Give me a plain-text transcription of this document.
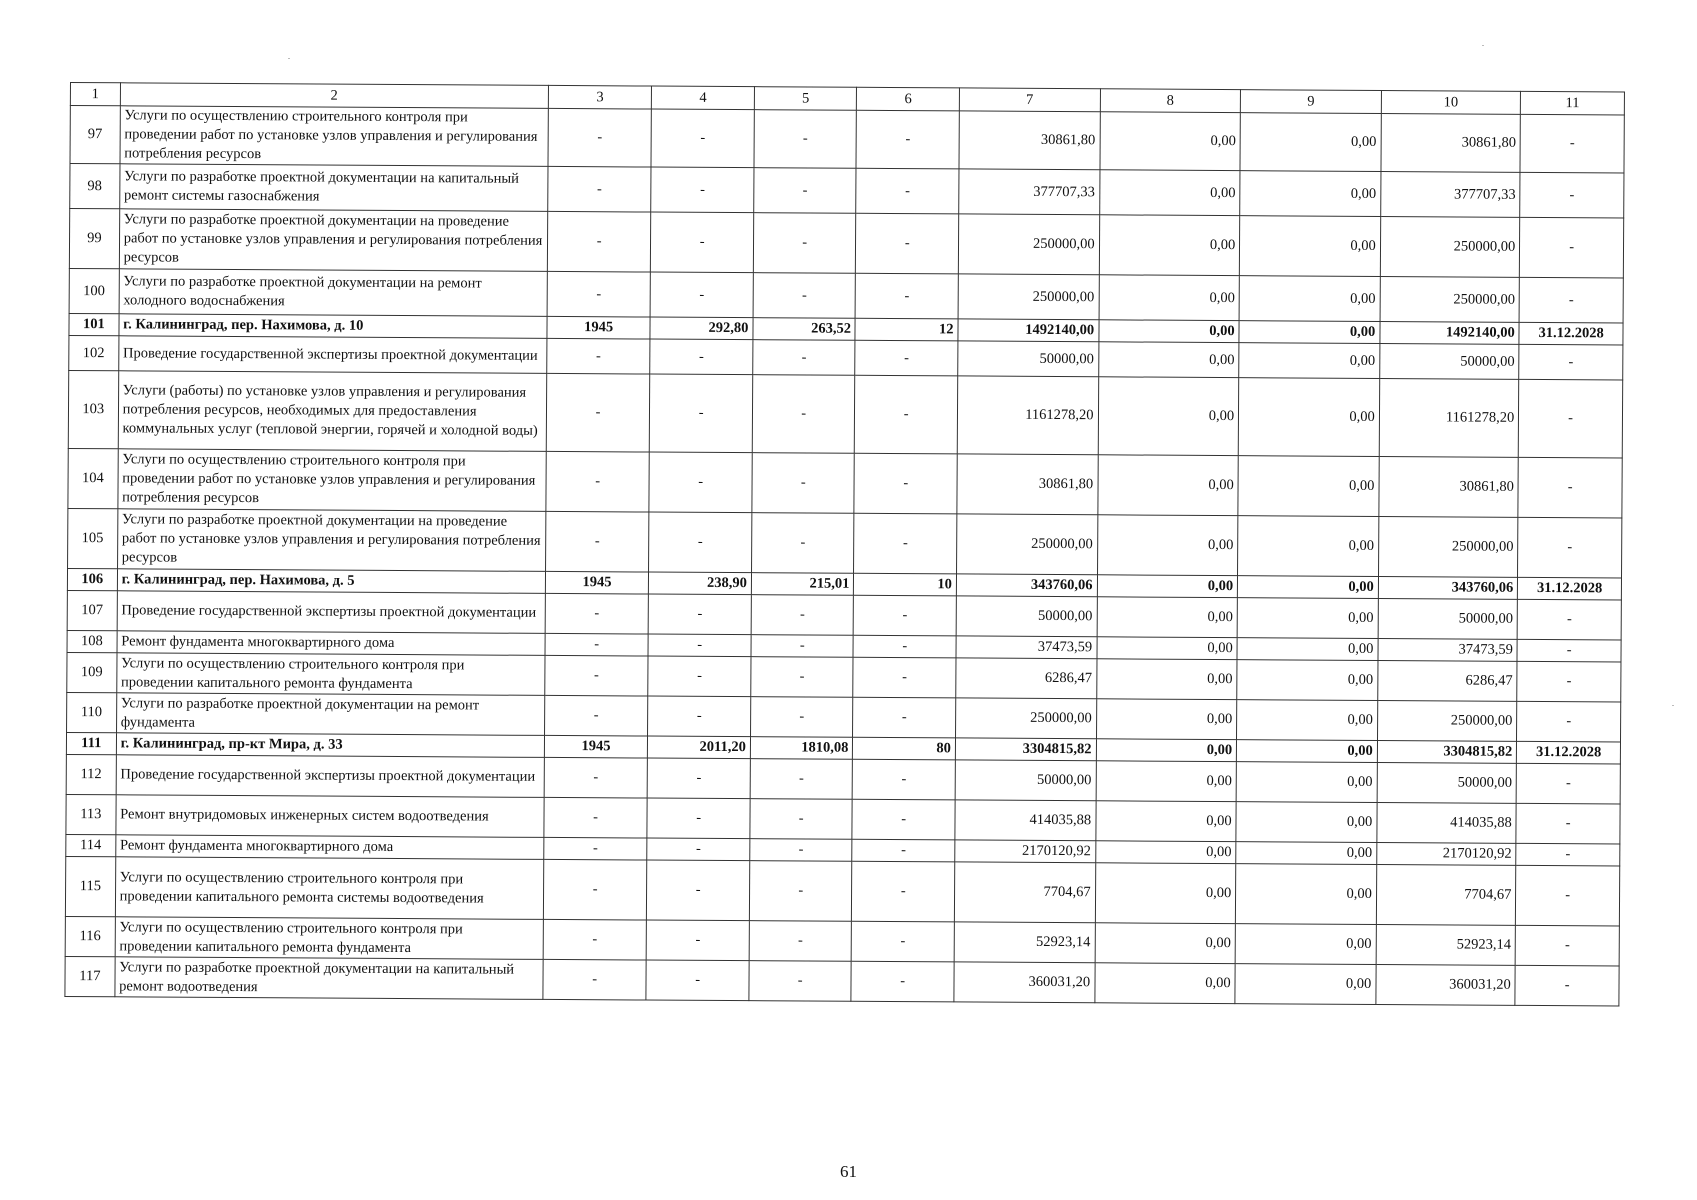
1	2	3	4	5	6	7	8	9	10	11
97	Услуги по осуществлению строительного контроля при проведении работ по установке узлов управления и регулирования потребления ресурсов	-	-	-	-	30861,80	0,00	0,00	30861,80	-
98	Услуги по разработке проектной документации на капитальный ремонт системы газоснабжения	-	-	-	-	377707,33	0,00	0,00	377707,33	-
99	Услуги по разработке проектной документации на проведение работ по установке узлов управления и регулирования потребления ресурсов	-	-	-	-	250000,00	0,00	0,00	250000,00	-
100	Услуги по разработке проектной документации на ремонт холодного водоснабжения	-	-	-	-	250000,00	0,00	0,00	250000,00	-
101	г. Калининград, пер. Нахимова, д. 10	1945	292,80	263,52	12	1492140,00	0,00	0,00	1492140,00	31.12.2028
102	Проведение государственной экспертизы проектной документации	-	-	-	-	50000,00	0,00	0,00	50000,00	-
103	Услуги (работы) по установке узлов управления и регулирования потребления ресурсов, необходимых для предоставления коммунальных услуг (тепловой энергии, горячей и холодной воды)	-	-	-	-	1161278,20	0,00	0,00	1161278,20	-
104	Услуги по осуществлению строительного контроля при проведении работ по установке узлов управления и регулирования потребления ресурсов	-	-	-	-	30861,80	0,00	0,00	30861,80	-
105	Услуги по разработке проектной документации на проведение работ по установке узлов управления и регулирования потребления ресурсов	-	-	-	-	250000,00	0,00	0,00	250000,00	-
106	г. Калининград, пер. Нахимова, д. 5	1945	238,90	215,01	10	343760,06	0,00	0,00	343760,06	31.12.2028
107	Проведение государственной экспертизы проектной документации	-	-	-	-	50000,00	0,00	0,00	50000,00	-
108	Ремонт фундамента многоквартирного дома	-	-	-	-	37473,59	0,00	0,00	37473,59	-
109	Услуги по осуществлению строительного контроля при проведении капитального ремонта фундамента	-	-	-	-	6286,47	0,00	0,00	6286,47	-
110	Услуги по разработке проектной документации на ремонт фундамента	-	-	-	-	250000,00	0,00	0,00	250000,00	-
111	г. Калининград, пр-кт Мира, д. 33	1945	2011,20	1810,08	80	3304815,82	0,00	0,00	3304815,82	31.12.2028
112	Проведение государственной экспертизы проектной документации	-	-	-	-	50000,00	0,00	0,00	50000,00	-
113	Ремонт внутридомовых инженерных систем водоотведения	-	-	-	-	414035,88	0,00	0,00	414035,88	-
114	Ремонт фундамента многоквартирного дома	-	-	-	-	2170120,92	0,00	0,00	2170120,92	-
115	Услуги по осуществлению строительного контроля при проведении капитального ремонта системы водоотведения	-	-	-	-	7704,67	0,00	0,00	7704,67	-
116	Услуги по осуществлению строительного контроля при проведении капитального ремонта фундамента	-	-	-	-	52923,14	0,00	0,00	52923,14	-
117	Услуги по разработке проектной документации на капитальный ремонт водоотведения	-	-	-	-	360031,20	0,00	0,00	360031,20	-
61
